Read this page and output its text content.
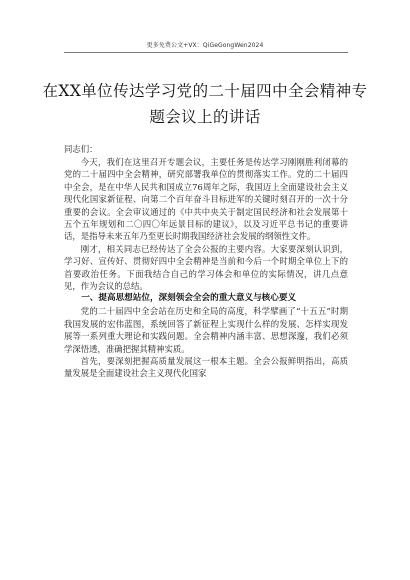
更多免费公文+VX：QiGeGongWen2024
在XX单位传达学习党的二十届四中全会精神专题会议上的讲话

同志们：

今天，我们在这里召开专题会议，主要任务是传达学习刚刚胜利闭幕的党的二十届四中全会精神，研究部署我单位的贯彻落实工作。党的二十届四中全会，是在中华人民共和国成立76周年之际，我国迈上全面建设社会主义现代化国家新征程、向第二个百年奋斗目标进军的关键时刻召开的一次十分重要的会议。全会审议通过的《中共中央关于制定国民经济和社会发展第十五个五年规划和二〇四〇年远景目标的建议》，以及习近平总书记的重要讲话，是指导未来五年乃至更长时期我国经济社会发展的纲领性文件。

刚才，相关同志已经传达了全会公报的主要内容。大家要深刻认识到，学习好、宣传好、贯彻好四中全会精神是当前和今后一个时期全单位上下的首要政治任务。下面我结合自己的学习体会和单位的实际情况，讲几点意见，作为会议的总结。

一、提高思想站位，深刻领会全会的重大意义与核心要义

党的二十届四中全会站在历史和全局的高度，科学擘画了“十五五”时期我国发展的宏伟蓝图，系统回答了新征程上实现什么样的发展、怎样实现发展等一系列重大理论和实践问题。全会精神内涵丰富、思想深邃，我们必须学深悟透，准确把握其精神实质。

首先，要深刻把握高质量发展这一根本主题。全会公报鲜明指出，高质量发展是全面建设社会主义现代化国家
